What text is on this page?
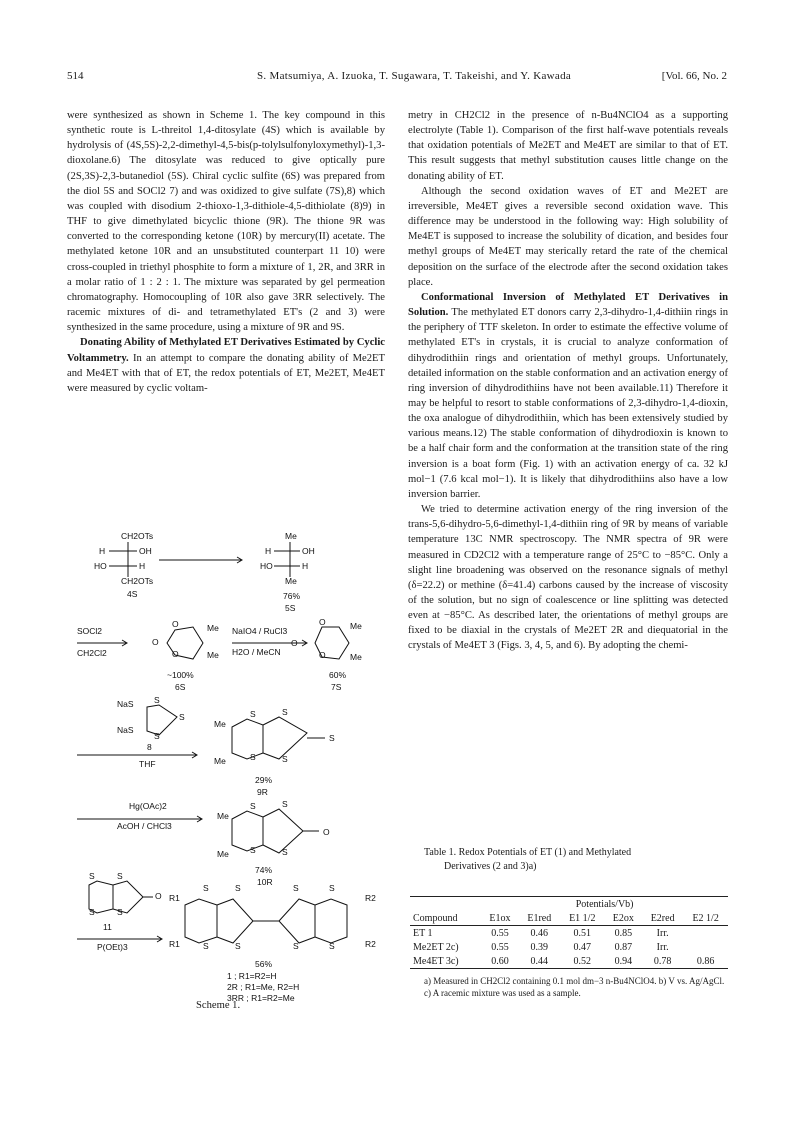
514	S. Matsumiya, A. Izuoka, T. Sugawara, T. Takeishi, and Y. Kawada	[Vol. 66, No. 2

were synthesized as shown in Scheme 1. The key compound in this synthetic route is L-threitol 1,4-ditosylate (4S) which is available by hydrolysis of (4S,5S)-2,2-dimethyl-4,5-bis(p-tolylsulfonyloxymethyl)-1,3-dioxolane.6) The ditosylate was reduced to give optically pure (2S,3S)-2,3-butanediol (5S). Chiral cyclic sulfite (6S) was prepared from the diol 5S and SOCl2 7) and was oxidized to give sulfate (7S),8) which was coupled with disodium 2-thioxo-1,3-dithiole-4,5-dithiolate (8)9) in THF to give dimethylated bicyclic thione (9R). The thione 9R was converted to the corresponding ketone (10R) by mercury(II) acetate. The methylated ketone 10R and an unsubstituted counterpart 11 10) were cross-coupled in triethyl phosphite to form a mixture of 1, 2R, and 3RR in a molar ratio of 1 : 2 : 1. The mixture was separated by gel permeation chromatography. Homocoupling of 10R also gave 3RR selectively. The racemic mixtures of di- and tetramethylated ET's (2 and 3) were synthesized in the same procedure, using a mixture of 9R and 9S.

Donating Ability of Methylated ET Derivatives Estimated by Cyclic Voltammetry. In an attempt to compare the donating ability of Me2ET and Me4ET with that of ET, the redox potentials of ET, Me2ET, Me4ET were measured by cyclic voltam-

CH2OTs
H	OH
HO	H
CH2OTs
4S
Me
H	OH
HO	H
Me
76%
5S
SOCl2
CH2Cl2
O	Me
O	Me
~100%
6S
NaIO4 / RuCl3
H2O / MeCN
O	Me
O	Me
60%
7S
NaS
NaS
S
S
S
8
THF
Me
Me
S
S
S
S
S
29%
9R
Hg(OAc)2
AcOH / CHCl3
Me
Me
S
S
S
S
O
74%
10R
S
S
S
S
O
11
P(OEt)3
R1
R1
R2
R2
S
S
S
S
S
S
S
S
56%
1 ; R1=R2=H
2R ; R1=Me, R2=H
3RR ; R1=R2=Me
O	O
Scheme 1.

metry in CH2Cl2 in the presence of n-Bu4NClO4 as a supporting electrolyte (Table 1). Comparison of the first half-wave potentials reveals that oxidation potentials of Me2ET and Me4ET are similar to that of ET. This result suggests that methyl substitution causes little change on the donating ability of ET.

Although the second oxidation waves of ET and Me2ET are irreversible, Me4ET gives a reversible second oxidation wave. This difference may be understood in the following way: High solubility of Me4ET is supposed to increase the solubility of dication, and besides four methyl groups of Me4ET may sterically retard the rate of the chemical deposition on the surface of the electrode after the second oxidation takes place.

Conformational Inversion of Methylated ET Derivatives in Solution. The methylated ET donors carry 2,3-dihydro-1,4-dithiin rings in the periphery of TTF skeleton. In order to estimate the effective volume of methylated ET's in crystals, it is crucial to analyze conformation of dihydrodithiin rings and orientation of methyl groups. Unfortunately, detailed information on the stable conformation and an activation energy of ring inversion of dihydrodithiins have not been available.11) Therefore it may be helpful to resort to stable conformations of 2,3-dihydro-1,4-dioxin, the oxa analogue of dihydrodithiin, which has been extensively studied by various means.12) The stable conformation of dihydrodioxin is known to be a half chair form and the conformation at the transition state of the ring inversion is a boat form (Fig. 1) with an activation energy of ca. 32 kJ mol−1 (7.6 kcal mol−1). It is likely that dihydrodithiins also have a low inversion barrier.

We tried to determine activation energy of the ring inversion of the trans-5,6-dihydro-5,6-dimethyl-1,4-dithiin ring of 9R by means of variable temperature 13C NMR spectroscopy. The NMR spectra of 9R were measured in CD2Cl2 with a temperature range of 25°C to −85°C. Only a slight line broadening was observed on the resonance signals of methyl (δ=22.2) or methine (δ=41.4) carbons caused by the increase of viscosity of the solution, but no sign of coalescence or line splitting was detected even at −85°C. As described later, the orientations of methyl groups are fixed to be diaxial in the crystals of Me2ET 2R and diequatorial in the crystals of Me4ET 3 (Figs. 3, 4, 5, and 6). By adopting the chemi-

Table 1. Redox Potentials of ET (1) and Methylated
Derivatives (2 and 3)a)
	Potentials/Vb)					
Compound	E1ox	E1red	E1 1/2	E2ox	E2red	E2 1/2
ET 1	0.55	0.46	0.51	0.85	Irr.	
Me2ET 2c)	0.55	0.39	0.47	0.87	Irr.	
Me4ET 3c)	0.60	0.44	0.52	0.94	0.78	0.86
a) Measured in CH2Cl2 containing 0.1 mol dm−3 n-Bu4NClO4. b) V vs. Ag/AgCl. c) A racemic mixture was used as a sample.
